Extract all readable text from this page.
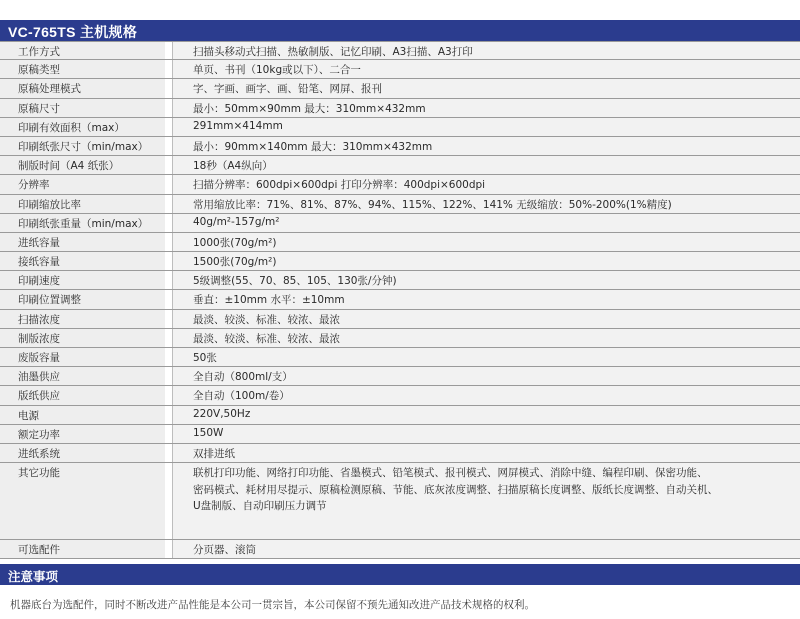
VC-765TS 主机规格
工作方式	扫描头移动式扫描、热敏制版、记忆印刷、A3扫描、A3打印
原稿类型	单页、书刊（10kg或以下）、二合一
原稿处理模式	字、字画、画字、画、铅笔、网屏、报刊
原稿尺寸	最小：50mm×90mm 最大：310mm×432mm
印刷有效面积（max）	291mm×414mm
印刷纸张尺寸（min/max）	最小：90mm×140mm 最大：310mm×432mm
制版时间（A4 纸张）	18秒（A4纵向）
分辨率	扫描分辨率：600dpi×600dpi 打印分辨率：400dpi×600dpi
印刷缩放比率	常用缩放比率：71%、81%、87%、94%、115%、122%、141% 无级缩放：50%-200%(1%精度)
印刷纸张重量（min/max）	40g/m²-157g/m²
进纸容量	1000张(70g/m²)
接纸容量	1500张(70g/m²)
印刷速度	5级调整(55、70、85、105、130张/分钟)
印刷位置调整	垂直：±10mm 水平：±10mm
扫描浓度	最淡、较淡、标准、较浓、最浓
制版浓度	最淡、较淡、标准、较浓、最浓
废版容量	50张
油墨供应	全自动（800ml/支）
版纸供应	全自动（100m/卷）
电源	220V,50Hz
额定功率	150W
进纸系统	双排进纸
其它功能	联机打印功能、网络打印功能、省墨模式、铅笔模式、报刊模式、网屏模式、消除中缝、编程印刷、保密功能、
密码模式、耗材用尽提示、原稿检测原稿、节能、底灰浓度调整、扫描原稿长度调整、版纸长度调整、自动关机、
U盘制版、自动印刷压力调节
可选配件	分页器、滚筒
注意事项
机器底台为选配件，同时不断改进产品性能是本公司一贯宗旨，本公司保留不预先通知改进产品技术规格的权利。
